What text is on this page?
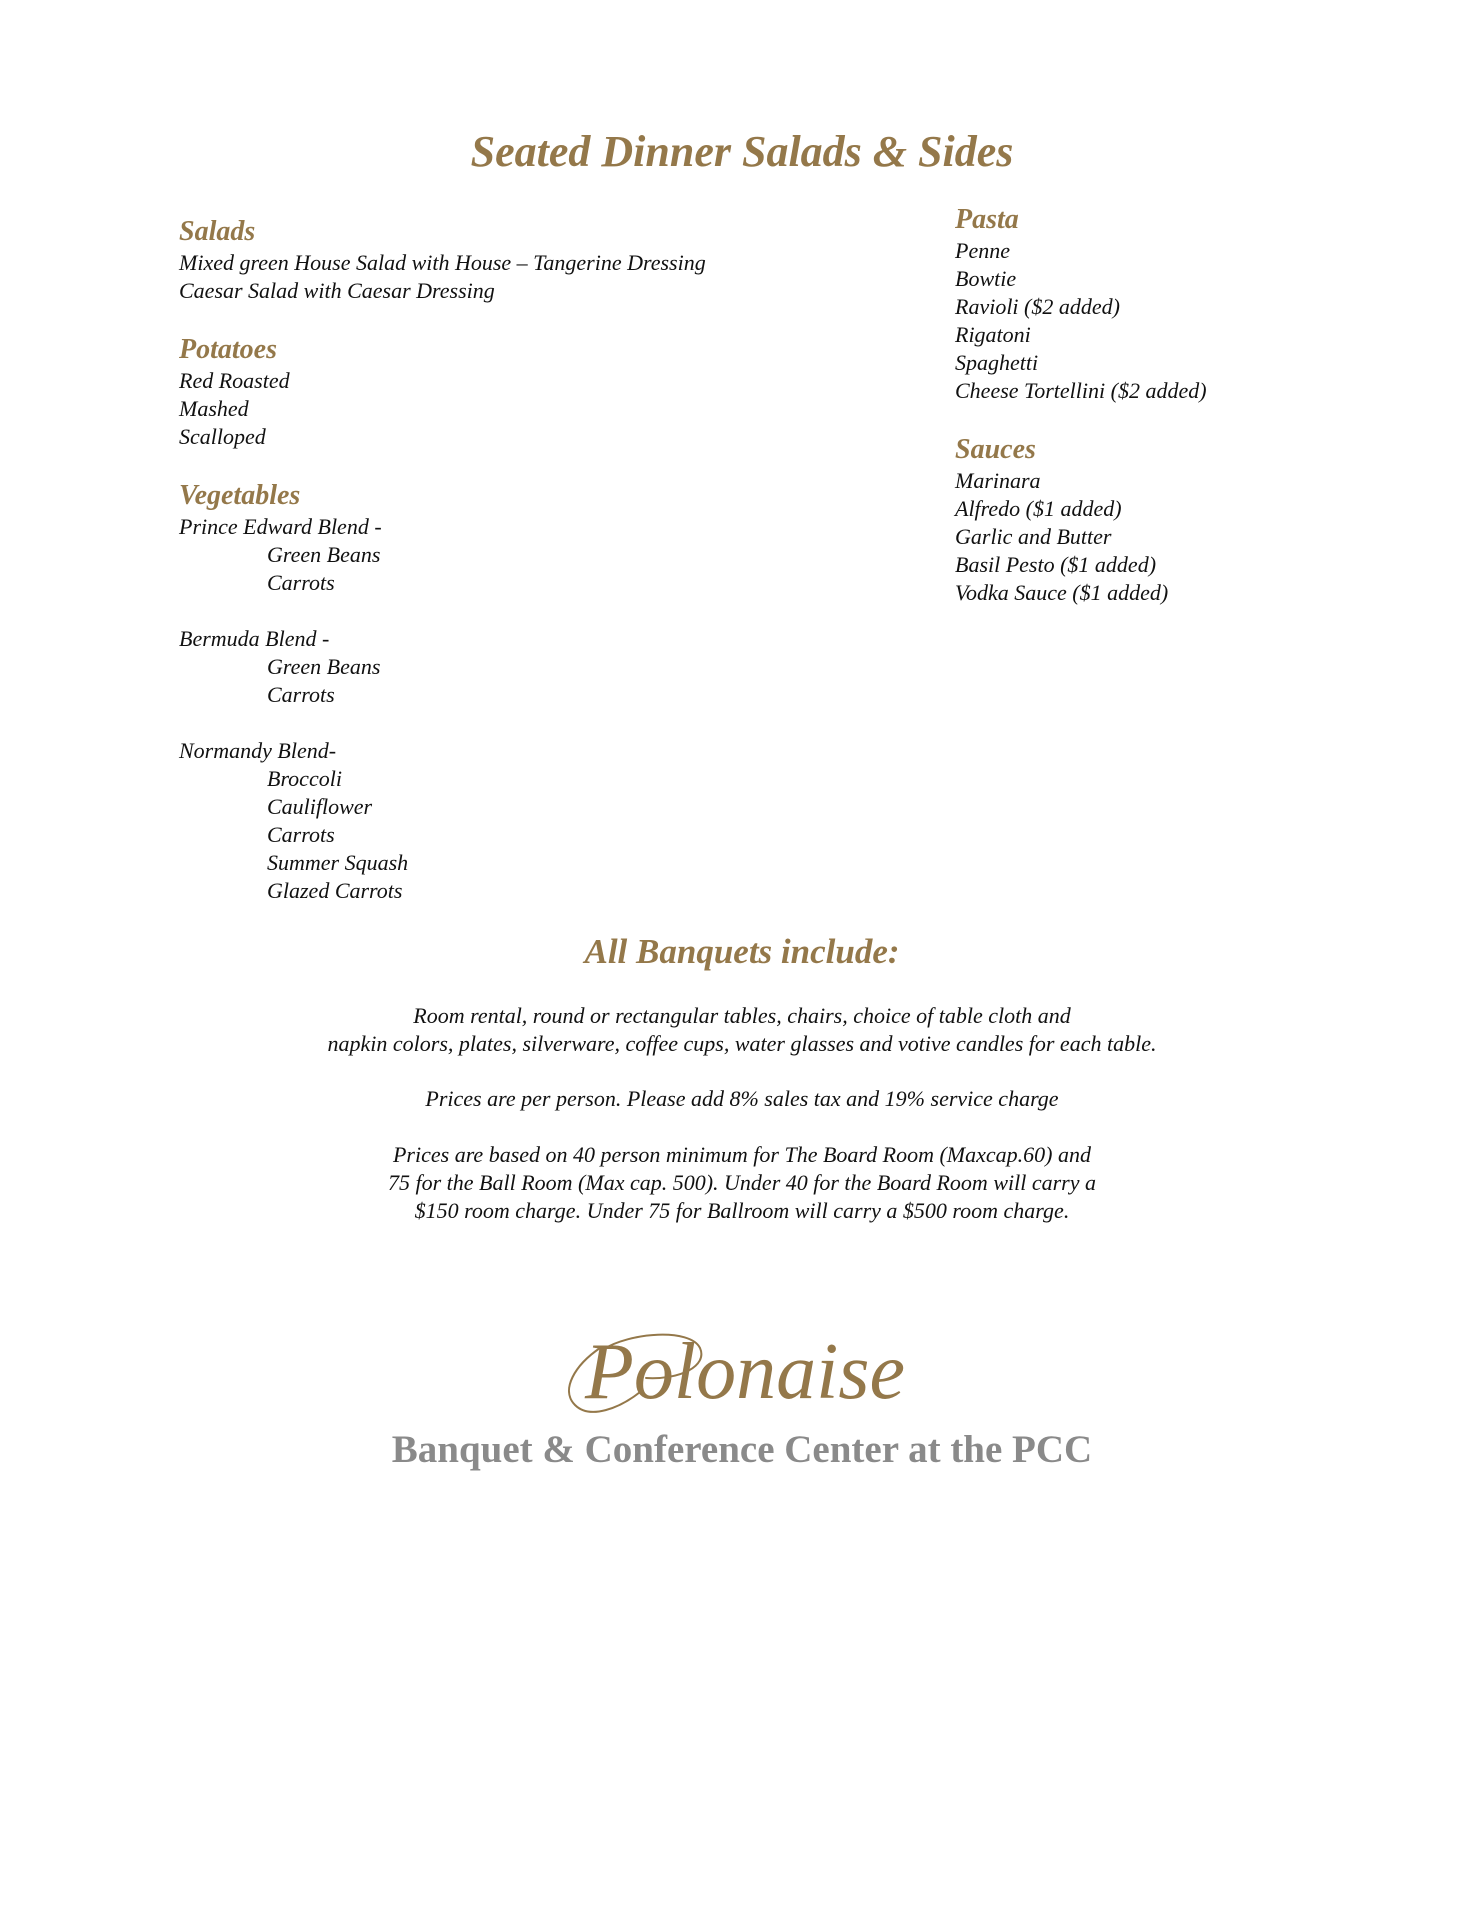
Seated Dinner Salads & Sides
Salads

Mixed green House Salad with House – Tangerine Dressing

Caesar Salad with Caesar Dressing

Potatoes

Red Roasted

Mashed

Scalloped

Vegetables

Prince Edward Blend -

Green Beans

Carrots

Bermuda Blend -

Green Beans

Carrots

Normandy Blend-

Broccoli

Cauliflower

Carrots

Summer Squash

Glazed Carrots

Pasta

Penne

Bowtie

Ravioli ($2 added)

Rigatoni

Spaghetti

Cheese Tortellini ($2 added)

Sauces

Marinara

Alfredo ($1 added)

Garlic and Butter

Basil Pesto ($1 added)

Vodka Sauce ($1 added)

All Banquets include:

Room rental, round or rectangular tables, chairs, choice of table cloth and

napkin colors, plates, silverware, coffee cups, water glasses and votive candles for each table.

Prices are per person. Please add 8% sales tax and 19% service charge

Prices are based on 40 person minimum for The Board Room (Maxcap.60) and

75 for the Ball Room (Max cap. 500). Under 40 for the Board Room will carry a

$150 room charge. Under 75 for Ballroom will carry a $500 room charge.

Polonaise
Banquet & Conference Center at the PCC
